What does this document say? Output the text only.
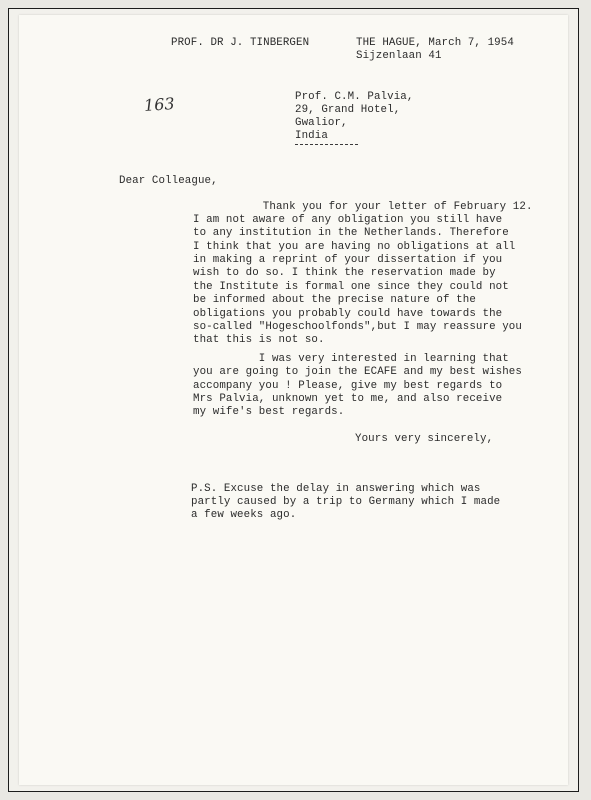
PROF. DR J. TINBERGEN	THE HAGUE, March 7, 1954
Sijzenlaan 41
163	Prof. C.M. Palvia,
29, Grand Hotel,
Gwalior,
India
Dear Colleague,
Thank you for your letter of February 12.
I am not aware of any obligation you still have
to any institution in the Netherlands. Therefore
I think that you are having no obligations at all
in making a reprint of your dissertation if you
wish to do so. I think the reservation made by
the Institute is formal one since they could not
be informed about the precise nature of the
obligations you probably could have towards the
so-called "Hogeschoolfonds",but I may reassure you
that this is not so.
I was very interested in learning that
you are going to join the ECAFE and my best wishes
accompany you ! Please, give my best regards to
Mrs Palvia, unknown yet to me, and also receive
my wife's best regards.
Yours very sincerely,
P.S. Excuse the delay in answering which was
partly caused by a trip to Germany which I made
a few weeks ago.
